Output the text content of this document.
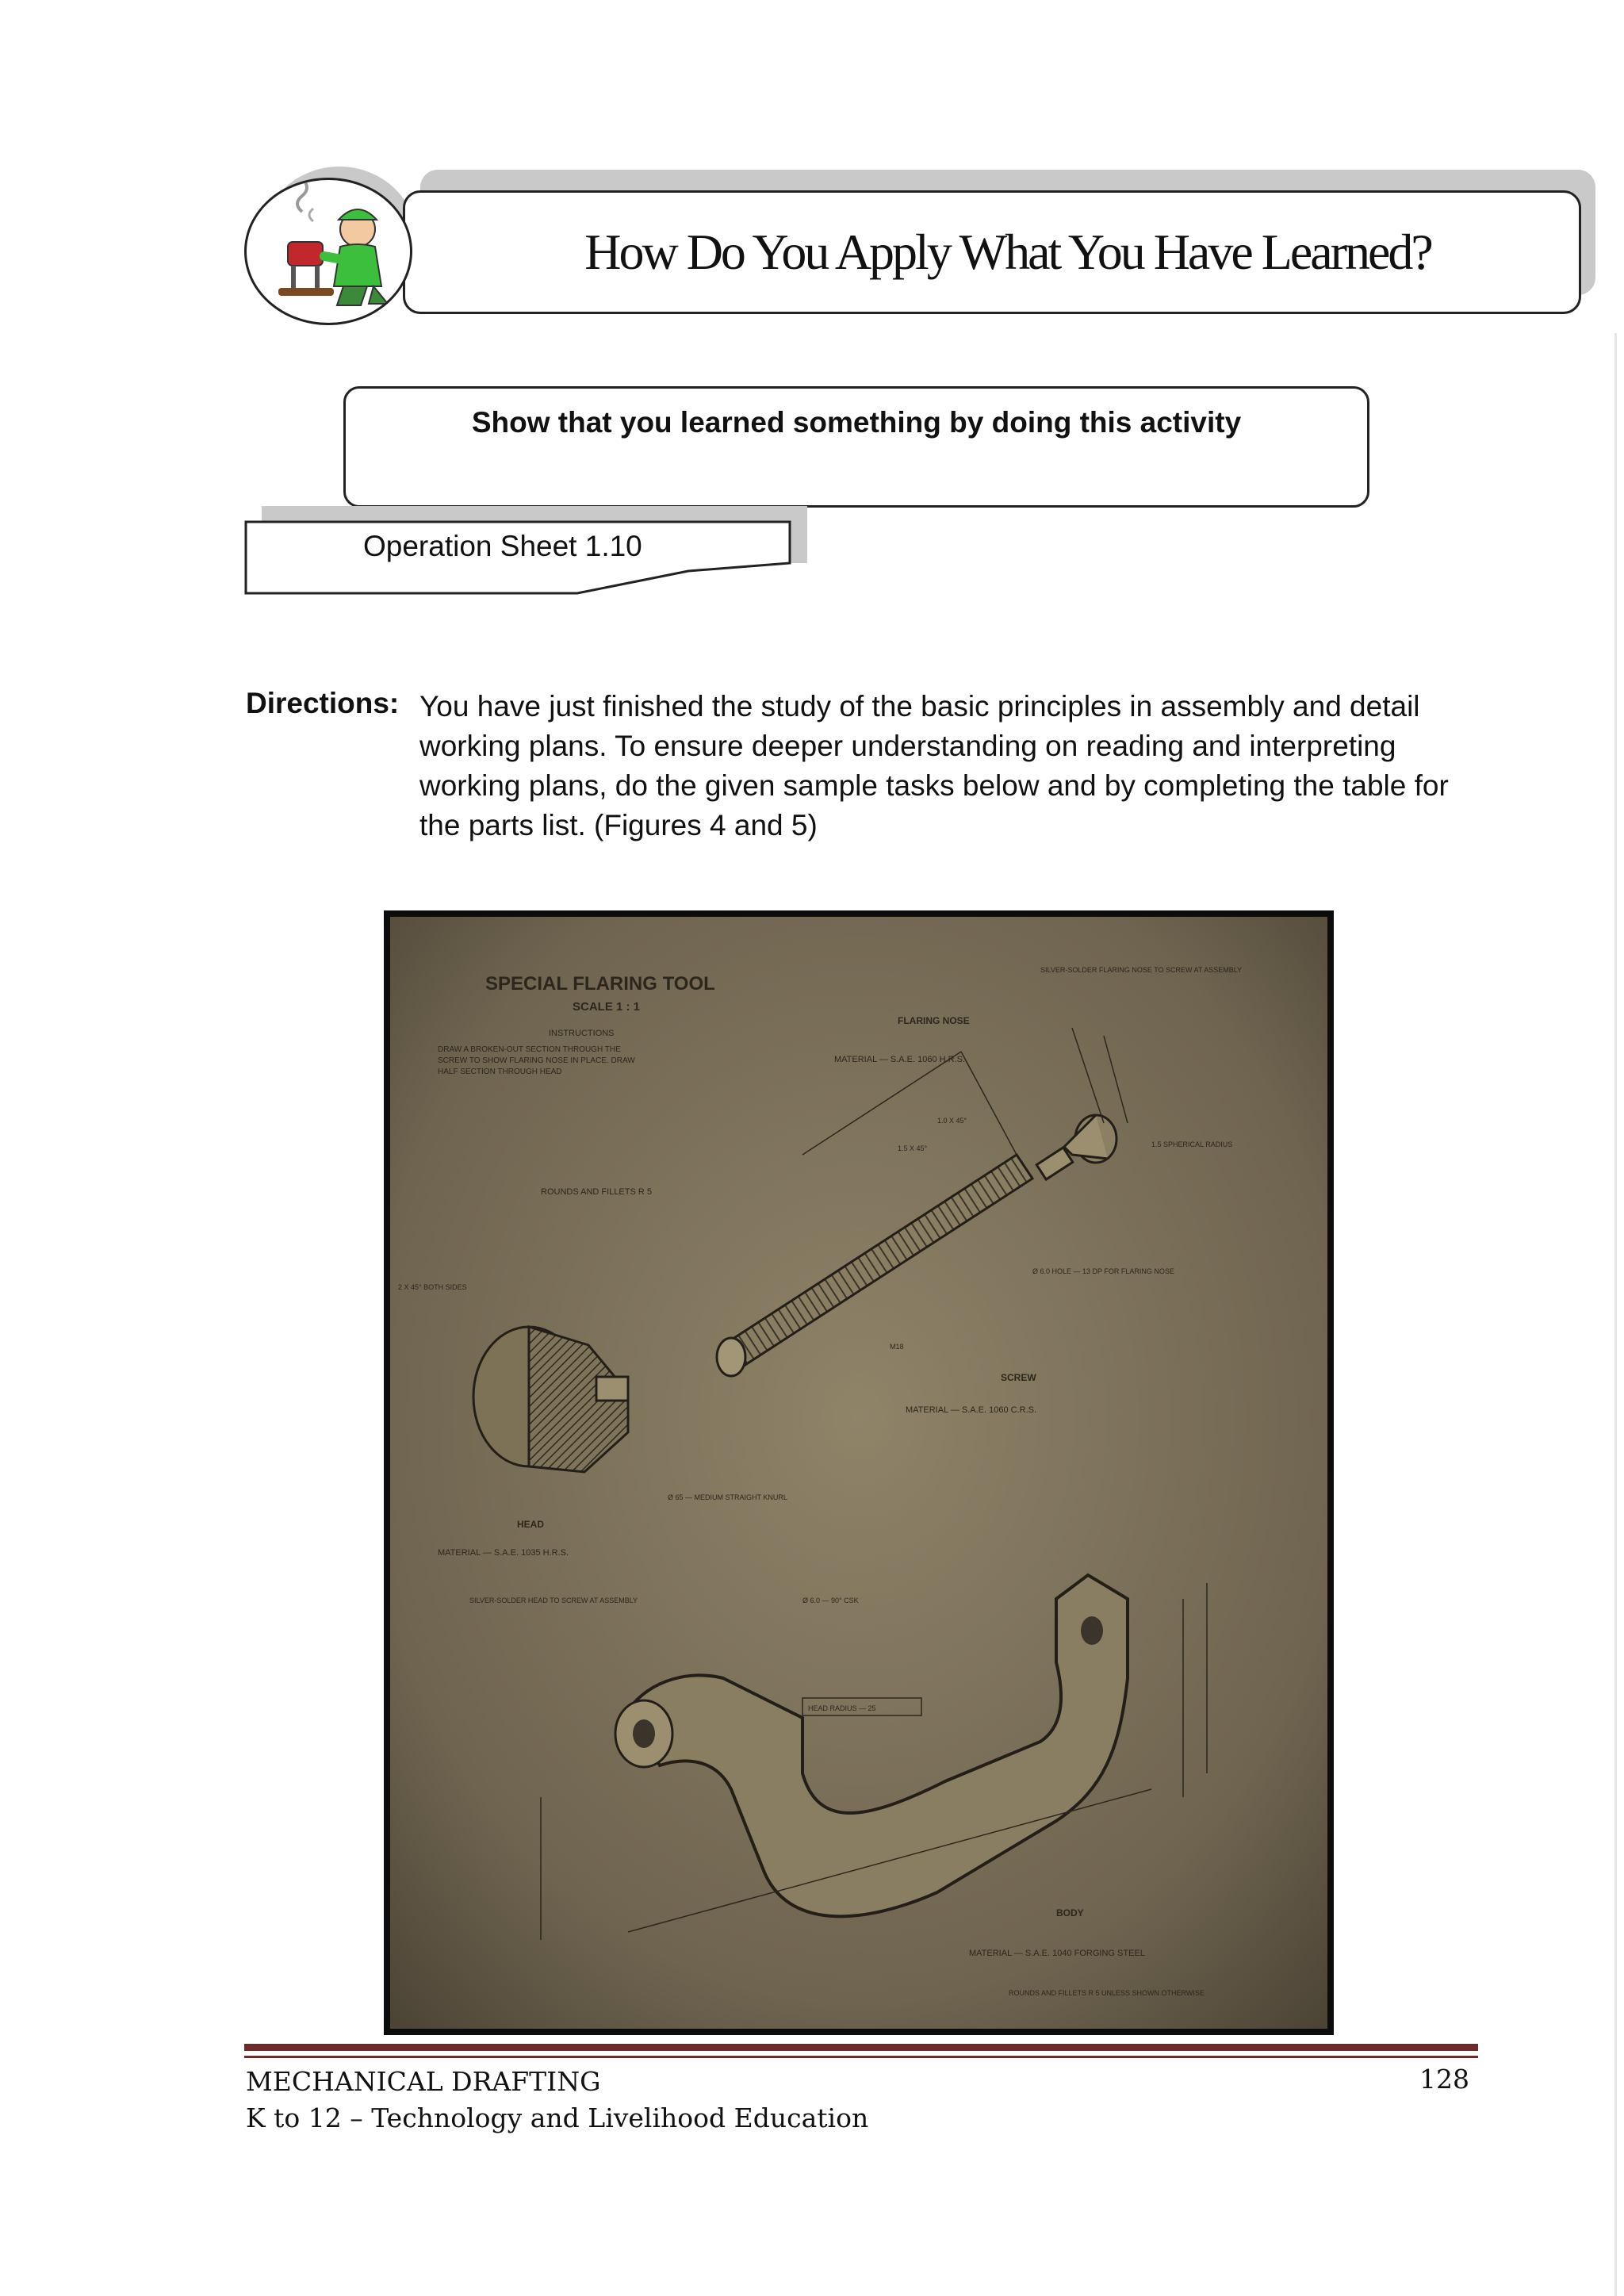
How Do You Apply What You Have Learned?
Show that you learned something by doing this activity
Operation Sheet 1.10
Directions: You have just finished the study of the basic principles in assembly and detail working plans. To ensure deeper understanding on reading and interpreting working plans, do the given sample tasks below and by completing the table for the parts list. (Figures 4 and 5)
SPECIAL FLARING TOOL
SCALE 1 : 1
INSTRUCTIONS
ROUNDS AND FILLETS R 5
FLARING NOSE
MATERIAL — S.A.E. 1060 H.R.S.
SCREW
MATERIAL — S.A.E. 1060 C.R.S.
HEAD
MATERIAL — S.A.E. 1035 H.R.S.
BODY
MATERIAL — S.A.E. 1040 FORGING STEEL
HEAD RADIUS — 25
SILVER-SOLDER FLARING NOSE TO SCREW AT ASSEMBLY
1.5 SPHERICAL RADIUS
Ø 6.0 HOLE — 13 DP FOR FLARING NOSE
Ø 65 — MEDIUM STRAIGHT KNURL
2 X 45° BOTH SIDES
SILVER-SOLDER HEAD TO SCREW AT ASSEMBLY	Ø 6.0 — 90° CSK
1.0 X 45°
1.5 X 45°
M18
ROUNDS AND FILLETS R 5 UNLESS SHOWN OTHERWISE
DRAW A BROKEN-OUT SECTION THROUGH THE
SCREW TO SHOW FLARING NOSE IN PLACE. DRAW
HALF SECTION THROUGH HEAD
MECHANICAL DRAFTING
K to 12 – Technology and Livelihood Education
128
